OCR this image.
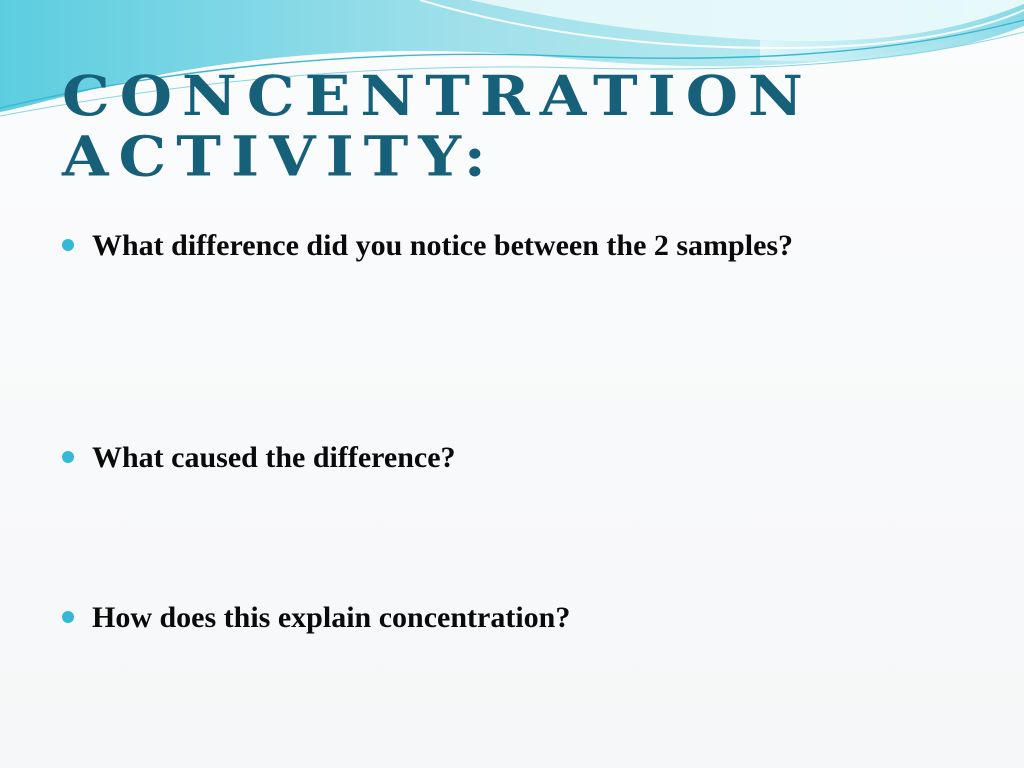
CONCENTRATION
ACTIVITY:
What difference did you notice between the 2 samples?
What caused the difference?
How does this explain concentration?
